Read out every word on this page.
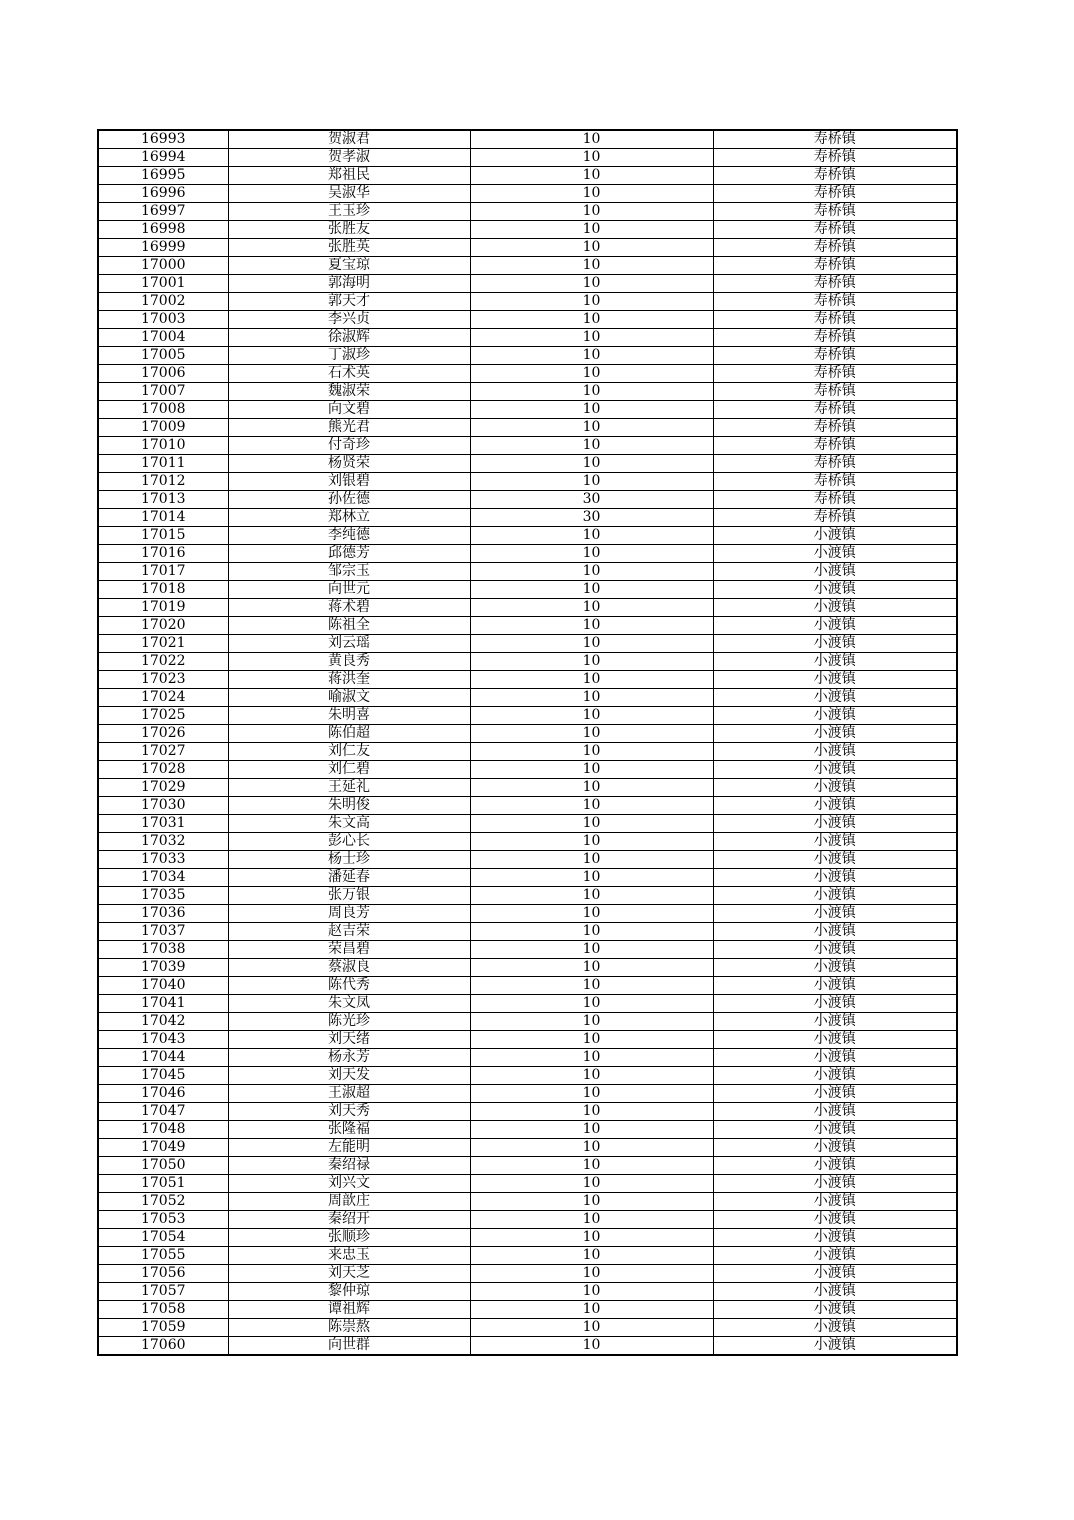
16993	贺淑君	10	寿桥镇
16994	贺孝淑	10	寿桥镇
16995	郑祖民	10	寿桥镇
16996	吴淑华	10	寿桥镇
16997	王玉珍	10	寿桥镇
16998	张胜友	10	寿桥镇
16999	张胜英	10	寿桥镇
17000	夏宝琼	10	寿桥镇
17001	郭海明	10	寿桥镇
17002	郭天才	10	寿桥镇
17003	李兴贞	10	寿桥镇
17004	徐淑辉	10	寿桥镇
17005	丁淑珍	10	寿桥镇
17006	石术英	10	寿桥镇
17007	魏淑荣	10	寿桥镇
17008	向文碧	10	寿桥镇
17009	熊光君	10	寿桥镇
17010	付奇珍	10	寿桥镇
17011	杨贤荣	10	寿桥镇
17012	刘银碧	10	寿桥镇
17013	孙佐德	30	寿桥镇
17014	郑林立	30	寿桥镇
17015	李纯德	10	小渡镇
17016	邱德芳	10	小渡镇
17017	邹宗玉	10	小渡镇
17018	向世元	10	小渡镇
17019	蒋术碧	10	小渡镇
17020	陈祖全	10	小渡镇
17021	刘云瑶	10	小渡镇
17022	黄良秀	10	小渡镇
17023	蒋洪奎	10	小渡镇
17024	喻淑文	10	小渡镇
17025	朱明喜	10	小渡镇
17026	陈伯超	10	小渡镇
17027	刘仁友	10	小渡镇
17028	刘仁碧	10	小渡镇
17029	王延礼	10	小渡镇
17030	朱明俊	10	小渡镇
17031	朱文高	10	小渡镇
17032	彭心长	10	小渡镇
17033	杨士珍	10	小渡镇
17034	潘延春	10	小渡镇
17035	张万银	10	小渡镇
17036	周良芳	10	小渡镇
17037	赵吉荣	10	小渡镇
17038	荣昌碧	10	小渡镇
17039	蔡淑良	10	小渡镇
17040	陈代秀	10	小渡镇
17041	朱文凤	10	小渡镇
17042	陈光珍	10	小渡镇
17043	刘天绪	10	小渡镇
17044	杨永芳	10	小渡镇
17045	刘天发	10	小渡镇
17046	王淑超	10	小渡镇
17047	刘天秀	10	小渡镇
17048	张隆福	10	小渡镇
17049	左能明	10	小渡镇
17050	秦绍禄	10	小渡镇
17051	刘兴文	10	小渡镇
17052	周歆庄	10	小渡镇
17053	秦绍开	10	小渡镇
17054	张顺珍	10	小渡镇
17055	来忠玉	10	小渡镇
17056	刘天芝	10	小渡镇
17057	黎仲琼	10	小渡镇
17058	谭祖辉	10	小渡镇
17059	陈崇熬	10	小渡镇
17060	向世群	10	小渡镇
